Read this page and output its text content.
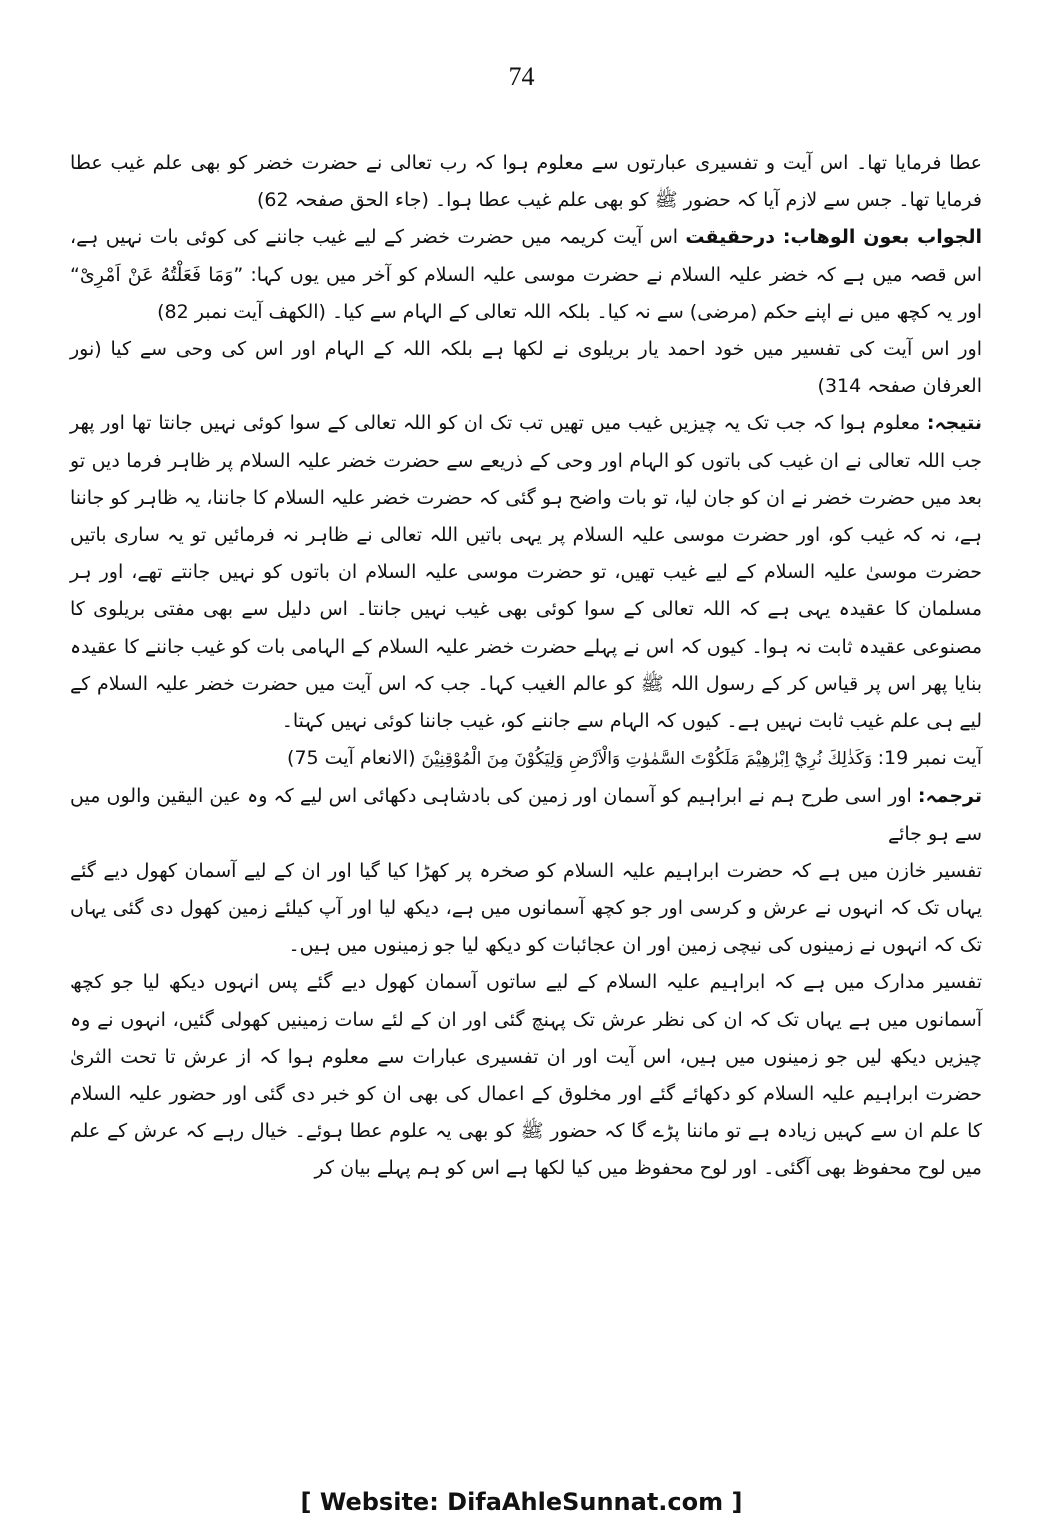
74

عطا فرمایا تھا۔ اس آیت و تفسیری عبارتوں سے معلوم ہوا کہ رب تعالی نے حضرت خضر کو بھی علم غیب عطا فرمایا تھا۔ جس سے لازم آیا کہ حضور ﷺ کو بھی علم غیب عطا ہوا۔ (جاء الحق صفحہ 62)

الجواب بعون الوھاب: درحقیقت اس آیت کریمہ میں حضرت خضر کے لیے غیب جاننے کی کوئی بات نہیں ہے، اس قصہ میں ہے کہ خضر علیہ السلام نے حضرت موسی علیہ السلام کو آخر میں یوں کہا: ”وَمَا فَعَلْتُهُ عَنْ اَمْرِیْ“ اور یہ کچھ میں نے اپنے حکم (مرضی) سے نہ کیا۔ بلکہ اللہ تعالی کے الہام سے کیا۔ (الکھف آیت نمبر 82)

اور اس آیت کی تفسیر میں خود احمد یار بریلوی نے لکھا ہے بلکہ اللہ کے الہام اور اس کی وحی سے کیا (نور العرفان صفحہ 314)

نتیجہ: معلوم ہوا کہ جب تک یہ چیزیں غیب میں تھیں تب تک ان کو اللہ تعالی کے سوا کوئی نہیں جانتا تھا اور پھر جب اللہ تعالی نے ان غیب کی باتوں کو الہام اور وحی کے ذریعے سے حضرت خضر علیہ السلام پر ظاہر فرما دیں تو بعد میں حضرت خضر نے ان کو جان لیا، تو بات واضح ہو گئی کہ حضرت خضر علیہ السلام کا جاننا، یہ ظاہر کو جاننا ہے، نہ کہ غیب کو، اور حضرت موسی علیہ السلام پر یہی باتیں اللہ تعالی نے ظاہر نہ فرمائیں تو یہ ساری باتیں حضرت موسیٰ علیہ السلام کے لیے غیب تھیں، تو حضرت موسی علیہ السلام ان باتوں کو نہیں جانتے تھے، اور ہر مسلمان کا عقیدہ یہی ہے کہ اللہ تعالی کے سوا کوئی بھی غیب نہیں جانتا۔ اس دلیل سے بھی مفتی بریلوی کا مصنوعی عقیدہ ثابت نہ ہوا۔ کیوں کہ اس نے پہلے حضرت خضر علیہ السلام کے الہامی بات کو غیب جاننے کا عقیدہ بنایا پھر اس پر قیاس کر کے رسول اللہ ﷺ کو عالم الغیب کہا۔ جب کہ اس آیت میں حضرت خضر علیہ السلام کے لیے ہی علم غیب ثابت نہیں ہے۔ کیوں کہ الہام سے جاننے کو، غیب جاننا کوئی نہیں کہتا۔

آیت نمبر 19: وَكَذٰلِكَ نُرِيْٓ اِبْرٰهِيْمَ مَلَكُوْتَ السَّمٰوٰتِ وَالْاَرْضِ وَلِيَكُوْنَ مِنَ الْمُوْقِنِيْنَ (الانعام آیت 75)

ترجمہ: اور اسی طرح ہم نے ابراہیم کو آسمان اور زمین کی بادشاہی دکھائی اس لیے کہ وہ عین الیقین والوں میں سے ہو جائے

تفسیر خازن میں ہے کہ حضرت ابراہیم علیہ السلام کو صخرہ پر کھڑا کیا گیا اور ان کے لیے آسمان کھول دیے گئے یہاں تک کہ انہوں نے عرش و کرسی اور جو کچھ آسمانوں میں ہے، دیکھ لیا اور آپ کیلئے زمین کھول دی گئی یہاں تک کہ انہوں نے زمینوں کی نیچی زمین اور ان عجائبات کو دیکھ لیا جو زمینوں میں ہیں۔

تفسیر مدارک میں ہے کہ ابراہیم علیہ السلام کے لیے ساتوں آسمان کھول دیے گئے پس انہوں دیکھ لیا جو کچھ آسمانوں میں ہے یہاں تک کہ ان کی نظر عرش تک پہنچ گئی اور ان کے لئے سات زمینیں کھولی گئیں، انہوں نے وہ چیزیں دیکھ لیں جو زمینوں میں ہیں، اس آیت اور ان تفسیری عبارات سے معلوم ہوا کہ از عرش تا تحت الثریٰ حضرت ابراہیم علیہ السلام کو دکھائے گئے اور مخلوق کے اعمال کی بھی ان کو خبر دی گئی اور حضور علیہ السلام کا علم ان سے کہیں زیادہ ہے تو ماننا پڑے گا کہ حضور ﷺ کو بھی یہ علوم عطا ہوئے۔ خیال رہے کہ عرش کے علم میں لوح محفوظ بھی آگئی۔ اور لوح محفوظ میں کیا لکھا ہے اس کو ہم پہلے بیان کر

[ Website: DifaAhleSunnat.com ]
